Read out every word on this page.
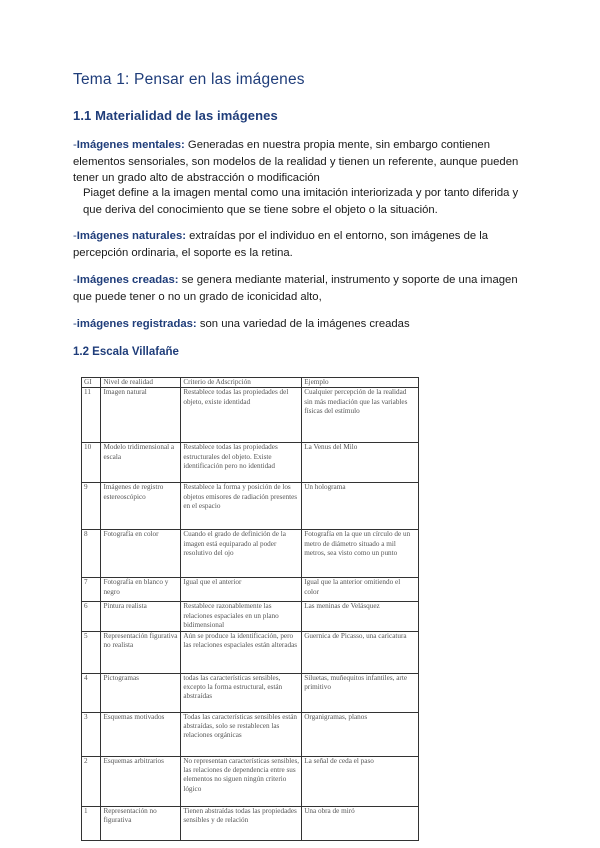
Tema 1: Pensar en las imágenes
1.1 Materialidad de las imágenes
-Imágenes mentales: Generadas en nuestra propia mente, sin embargo contienen elementos sensoriales, son modelos de la realidad y tienen un referente, aunque pueden tener un grado alto de abstracción o modificación
Piaget define a la imagen mental como una imitación interiorizada y por tanto diferida y que deriva del conocimiento que se tiene sobre el objeto o la situación.
-Imágenes naturales: extraídas por el individuo en el entorno, son imágenes de la percepción ordinaria, el soporte es la retina.
-Imágenes creadas: se genera mediante material, instrumento y soporte de una imagen que puede tener o no un grado de iconicidad alto,
-imágenes registradas: son una variedad de la imágenes creadas
1.2 Escala Villafañe
GI	Nivel de realidad	Criterio de Adscripción	Ejemplo
11	Imagen natural	Restablece todas las propiedades del objeto, existe identidad	Cualquier percepción de la realidad sin más mediación que las variables físicas del estímulo
10	Modelo tridimensional a escala	Restablece todas las propiedades estructurales del objeto. Existe identificación pero no identidad	La Venus del Milo
9	Imágenes de registro estereoscópico	Restablece la forma y posición de los objetos emisores de radiación presentes en el espacio	Un holograma
8	Fotografía en color	Cuando el grado de definición de la imagen está equiparado al poder resolutivo del ojo	Fotografía en la que un círculo de un metro de diámetro situado a mil metros, sea visto como un punto
7	Fotografía en blanco y negro	Igual que el anterior	Igual que la anterior omitiendo el color
6	Pintura realista	Restablece razonablemente las relaciones espaciales en un plano bidimensional	Las meninas de Velásquez
5	Representación figurativa no realista	Aún se produce la identificación, pero las relaciones espaciales están alteradas	Guernica de Picasso, una caricatura
4	Pictogramas	todas las características sensibles, excepto la forma estructural, están abstraídas	Siluetas, muñequitos infantiles, arte primitivo
3	Esquemas motivados	Todas las características sensibles están abstraídas, solo se restablecen las relaciones orgánicas	Organigramas, planos
2	Esquemas arbitrarios	No representan características sensibles, las relaciones de dependencia entre sus elementos no siguen ningún criterio lógico	La señal de ceda el paso
1	Representación no figurativa	Tienen abstraídas todas las propiedades sensibles y de relación	Una obra de miró
